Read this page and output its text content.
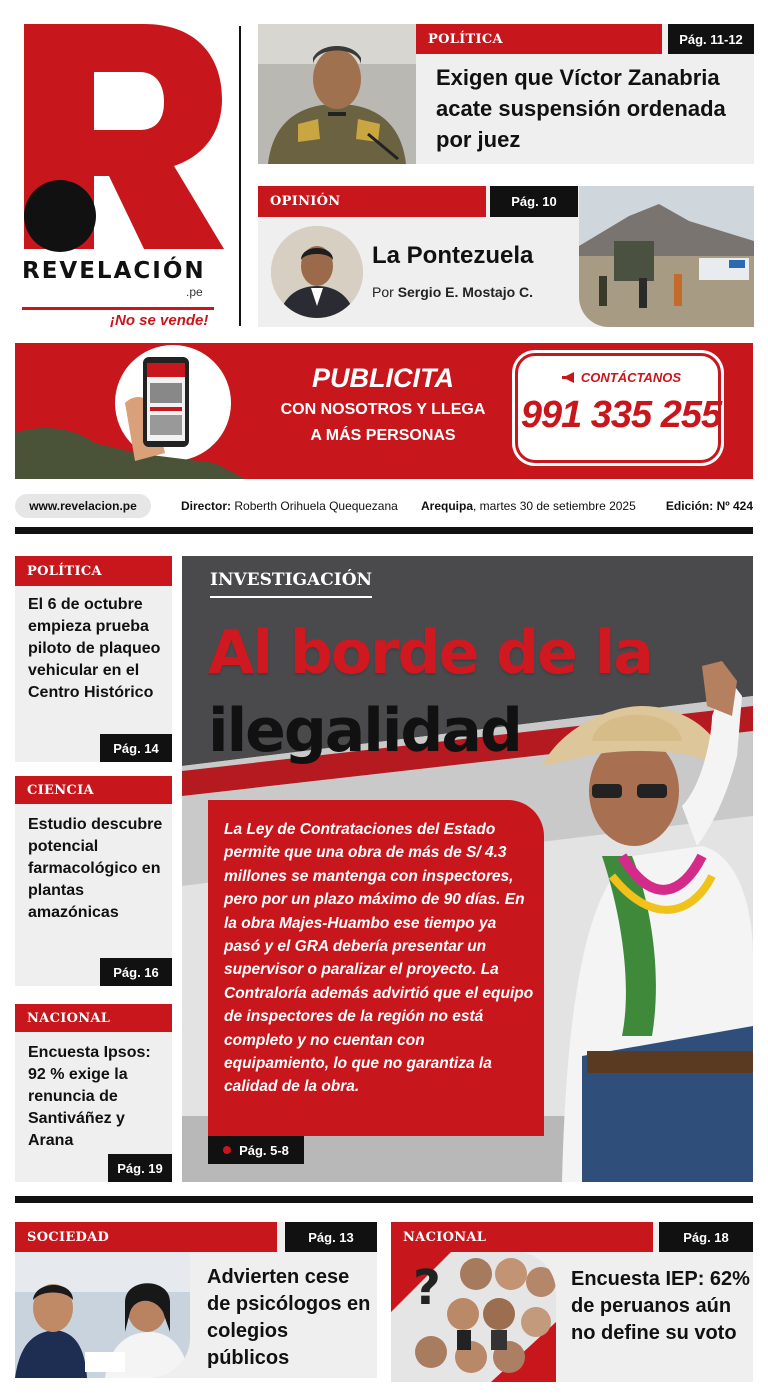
REVELACIÓN
.pe
¡No se vende!
POLÍTICA	Pág. 11-12
Exigen que Víctor Zanabria acate suspensión ordenada por juez
OPINIÓN	Pág. 10
La Pontezuela
Por Sergio E. Mostajo C.
PUBLICITA
CON NOSOTROS Y LLEGA
A MÁS PERSONAS
CONTÁCTANOS
991 335 255
www.revelacion.pe	Director: Roberth Orihuela Quequezana Arequipa, martes 30 de setiembre 2025	Edición: Nº 424
POLÍTICA
El 6 de octubre empieza prueba piloto de plaqueo vehicular en el Centro Histórico
Pág. 14
CIENCIA
Estudio descubre potencial farmacológico en plantas amazónicas
Pág. 16
NACIONAL
Encuesta Ipsos: 92 % exige la renuncia de Santiváñez y Arana
Pág. 19
INVESTIGACIÓN
Al borde de la
ilegalidad
La Ley de Contrataciones del Estado permite que una obra de más de S/ 4.3 millones se mantenga con inspectores, pero por un plazo máximo de 90 días. En la obra Majes-Huambo ese tiempo ya pasó y el GRA debería presentar un supervisor o paralizar el proyecto. La Contraloría además advirtió que el equipo de inspectores de la región no está completo y no cuentan con equipamiento, lo que no garantiza la calidad de la obra.
Pág. 5-8
SOCIEDAD	Pág. 13
Advierten cese de psicólogos en colegios públicos
NACIONAL	Pág. 18
?	Encuesta IEP: 62% de peruanos aún no define su voto
